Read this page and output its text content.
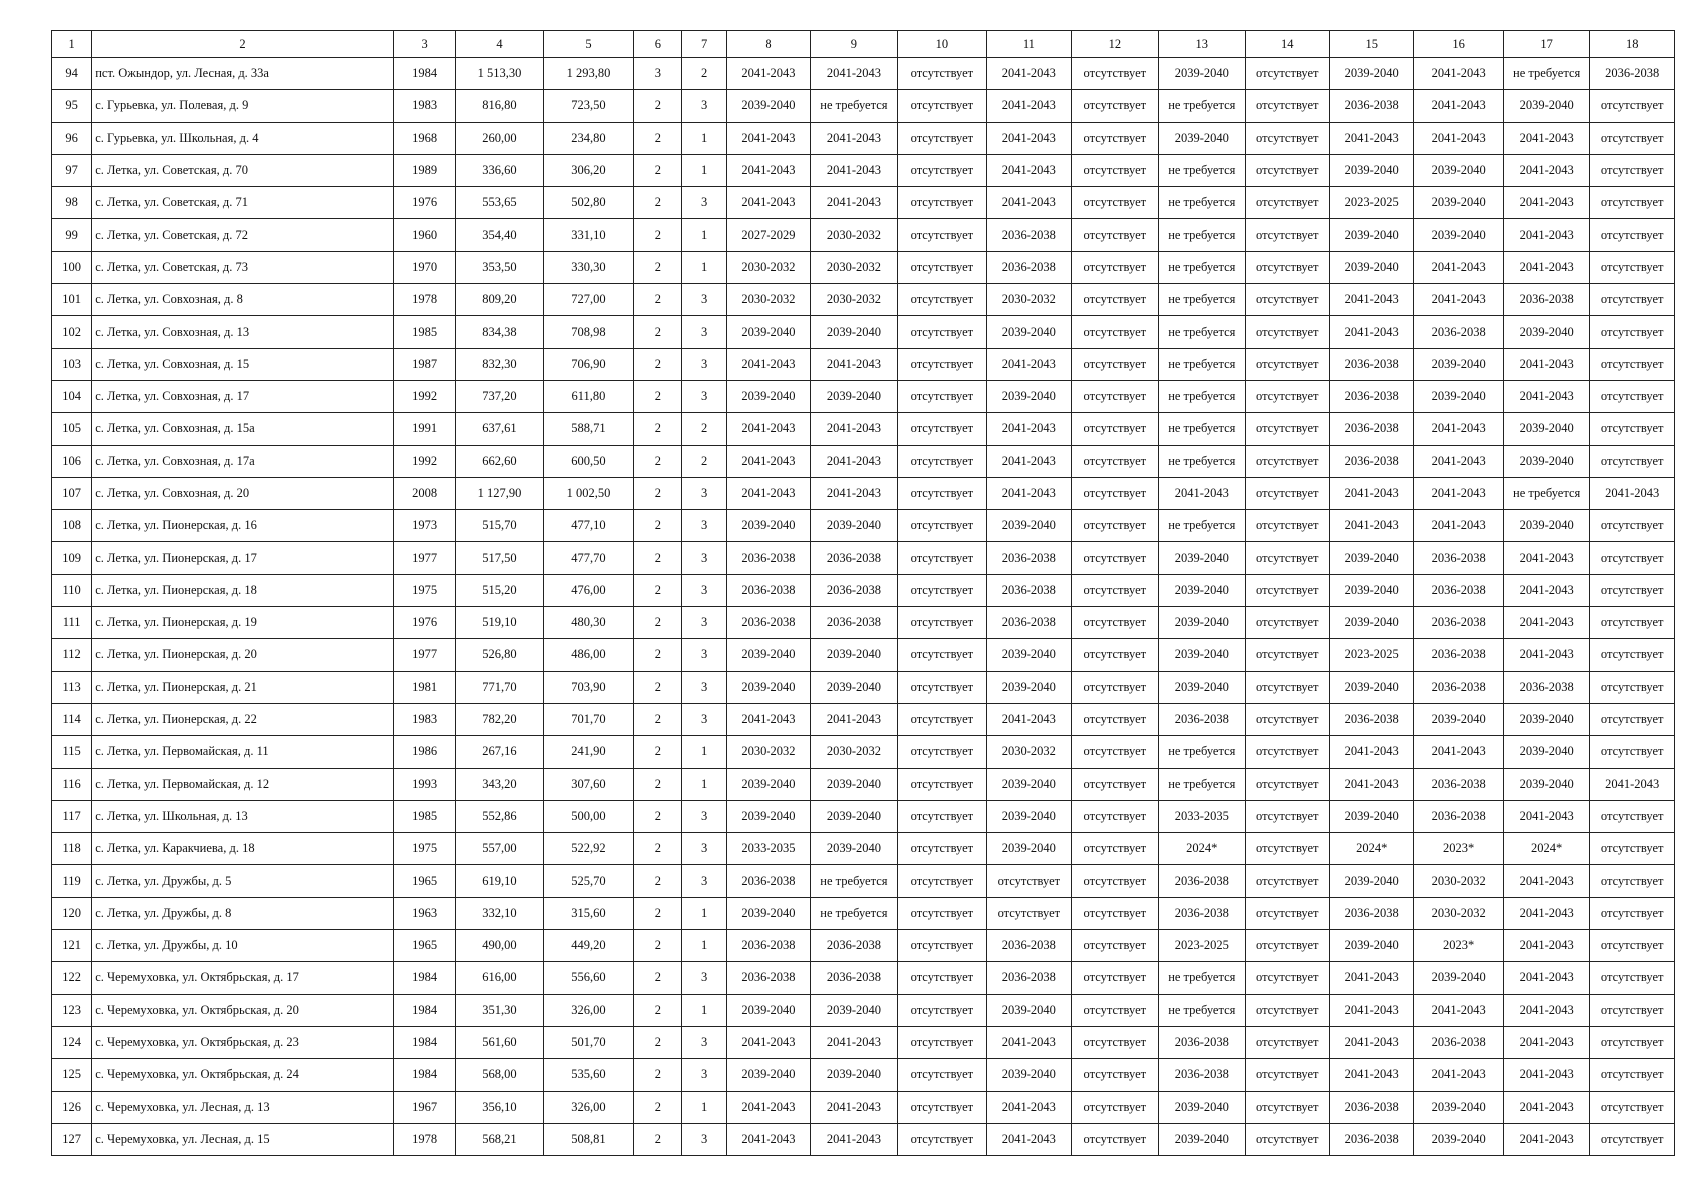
1	2	3	4	5	6	7	8	9	10	11	12	13	14	15	16	17	18
94	пст. Ожындор, ул. Лесная, д. 33а	1984	1 513,30	1 293,80	3	2	2041-2043	2041-2043	отсутствует	2041-2043	отсутствует	2039-2040	отсутствует	2039-2040	2041-2043	не требуется	2036-2038
95	с. Гурьевка, ул. Полевая, д. 9	1983	816,80	723,50	2	3	2039-2040	не требуется	отсутствует	2041-2043	отсутствует	не требуется	отсутствует	2036-2038	2041-2043	2039-2040	отсутствует
96	с. Гурьевка, ул. Школьная, д. 4	1968	260,00	234,80	2	1	2041-2043	2041-2043	отсутствует	2041-2043	отсутствует	2039-2040	отсутствует	2041-2043	2041-2043	2041-2043	отсутствует
97	с. Летка, ул. Советская, д. 70	1989	336,60	306,20	2	1	2041-2043	2041-2043	отсутствует	2041-2043	отсутствует	не требуется	отсутствует	2039-2040	2039-2040	2041-2043	отсутствует
98	с. Летка, ул. Советская, д. 71	1976	553,65	502,80	2	3	2041-2043	2041-2043	отсутствует	2041-2043	отсутствует	не требуется	отсутствует	2023-2025	2039-2040	2041-2043	отсутствует
99	с. Летка, ул. Советская, д. 72	1960	354,40	331,10	2	1	2027-2029	2030-2032	отсутствует	2036-2038	отсутствует	не требуется	отсутствует	2039-2040	2039-2040	2041-2043	отсутствует
100	с. Летка, ул. Советская, д. 73	1970	353,50	330,30	2	1	2030-2032	2030-2032	отсутствует	2036-2038	отсутствует	не требуется	отсутствует	2039-2040	2041-2043	2041-2043	отсутствует
101	с. Летка, ул. Совхозная, д. 8	1978	809,20	727,00	2	3	2030-2032	2030-2032	отсутствует	2030-2032	отсутствует	не требуется	отсутствует	2041-2043	2041-2043	2036-2038	отсутствует
102	с. Летка, ул. Совхозная, д. 13	1985	834,38	708,98	2	3	2039-2040	2039-2040	отсутствует	2039-2040	отсутствует	не требуется	отсутствует	2041-2043	2036-2038	2039-2040	отсутствует
103	с. Летка, ул. Совхозная, д. 15	1987	832,30	706,90	2	3	2041-2043	2041-2043	отсутствует	2041-2043	отсутствует	не требуется	отсутствует	2036-2038	2039-2040	2041-2043	отсутствует
104	с. Летка, ул. Совхозная, д. 17	1992	737,20	611,80	2	3	2039-2040	2039-2040	отсутствует	2039-2040	отсутствует	не требуется	отсутствует	2036-2038	2039-2040	2041-2043	отсутствует
105	с. Летка, ул. Совхозная, д. 15а	1991	637,61	588,71	2	2	2041-2043	2041-2043	отсутствует	2041-2043	отсутствует	не требуется	отсутствует	2036-2038	2041-2043	2039-2040	отсутствует
106	с. Летка, ул. Совхозная, д. 17а	1992	662,60	600,50	2	2	2041-2043	2041-2043	отсутствует	2041-2043	отсутствует	не требуется	отсутствует	2036-2038	2041-2043	2039-2040	отсутствует
107	с. Летка, ул. Совхозная, д. 20	2008	1 127,90	1 002,50	2	3	2041-2043	2041-2043	отсутствует	2041-2043	отсутствует	2041-2043	отсутствует	2041-2043	2041-2043	не требуется	2041-2043
108	с. Летка, ул. Пионерская, д. 16	1973	515,70	477,10	2	3	2039-2040	2039-2040	отсутствует	2039-2040	отсутствует	не требуется	отсутствует	2041-2043	2041-2043	2039-2040	отсутствует
109	с. Летка, ул. Пионерская, д. 17	1977	517,50	477,70	2	3	2036-2038	2036-2038	отсутствует	2036-2038	отсутствует	2039-2040	отсутствует	2039-2040	2036-2038	2041-2043	отсутствует
110	с. Летка, ул. Пионерская, д. 18	1975	515,20	476,00	2	3	2036-2038	2036-2038	отсутствует	2036-2038	отсутствует	2039-2040	отсутствует	2039-2040	2036-2038	2041-2043	отсутствует
111	с. Летка, ул. Пионерская, д. 19	1976	519,10	480,30	2	3	2036-2038	2036-2038	отсутствует	2036-2038	отсутствует	2039-2040	отсутствует	2039-2040	2036-2038	2041-2043	отсутствует
112	с. Летка, ул. Пионерская, д. 20	1977	526,80	486,00	2	3	2039-2040	2039-2040	отсутствует	2039-2040	отсутствует	2039-2040	отсутствует	2023-2025	2036-2038	2041-2043	отсутствует
113	с. Летка, ул. Пионерская, д. 21	1981	771,70	703,90	2	3	2039-2040	2039-2040	отсутствует	2039-2040	отсутствует	2039-2040	отсутствует	2039-2040	2036-2038	2036-2038	отсутствует
114	с. Летка, ул. Пионерская, д. 22	1983	782,20	701,70	2	3	2041-2043	2041-2043	отсутствует	2041-2043	отсутствует	2036-2038	отсутствует	2036-2038	2039-2040	2039-2040	отсутствует
115	с. Летка, ул. Первомайская, д. 11	1986	267,16	241,90	2	1	2030-2032	2030-2032	отсутствует	2030-2032	отсутствует	не требуется	отсутствует	2041-2043	2041-2043	2039-2040	отсутствует
116	с. Летка, ул. Первомайская, д. 12	1993	343,20	307,60	2	1	2039-2040	2039-2040	отсутствует	2039-2040	отсутствует	не требуется	отсутствует	2041-2043	2036-2038	2039-2040	2041-2043
117	с. Летка, ул. Школьная, д. 13	1985	552,86	500,00	2	3	2039-2040	2039-2040	отсутствует	2039-2040	отсутствует	2033-2035	отсутствует	2039-2040	2036-2038	2041-2043	отсутствует
118	с. Летка, ул. Каракчиева, д. 18	1975	557,00	522,92	2	3	2033-2035	2039-2040	отсутствует	2039-2040	отсутствует	2024*	отсутствует	2024*	2023*	2024*	отсутствует
119	с. Летка, ул. Дружбы, д. 5	1965	619,10	525,70	2	3	2036-2038	не требуется	отсутствует	отсутствует	отсутствует	2036-2038	отсутствует	2039-2040	2030-2032	2041-2043	отсутствует
120	с. Летка, ул. Дружбы, д. 8	1963	332,10	315,60	2	1	2039-2040	не требуется	отсутствует	отсутствует	отсутствует	2036-2038	отсутствует	2036-2038	2030-2032	2041-2043	отсутствует
121	с. Летка, ул. Дружбы, д. 10	1965	490,00	449,20	2	1	2036-2038	2036-2038	отсутствует	2036-2038	отсутствует	2023-2025	отсутствует	2039-2040	2023*	2041-2043	отсутствует
122	с. Черемуховка, ул. Октябрьская, д. 17	1984	616,00	556,60	2	3	2036-2038	2036-2038	отсутствует	2036-2038	отсутствует	не требуется	отсутствует	2041-2043	2039-2040	2041-2043	отсутствует
123	с. Черемуховка, ул. Октябрьская, д. 20	1984	351,30	326,00	2	1	2039-2040	2039-2040	отсутствует	2039-2040	отсутствует	не требуется	отсутствует	2041-2043	2041-2043	2041-2043	отсутствует
124	с. Черемуховка, ул. Октябрьская, д. 23	1984	561,60	501,70	2	3	2041-2043	2041-2043	отсутствует	2041-2043	отсутствует	2036-2038	отсутствует	2041-2043	2036-2038	2041-2043	отсутствует
125	с. Черемуховка, ул. Октябрьская, д. 24	1984	568,00	535,60	2	3	2039-2040	2039-2040	отсутствует	2039-2040	отсутствует	2036-2038	отсутствует	2041-2043	2041-2043	2041-2043	отсутствует
126	с. Черемуховка, ул. Лесная, д. 13	1967	356,10	326,00	2	1	2041-2043	2041-2043	отсутствует	2041-2043	отсутствует	2039-2040	отсутствует	2036-2038	2039-2040	2041-2043	отсутствует
127	с. Черемуховка, ул. Лесная, д. 15	1978	568,21	508,81	2	3	2041-2043	2041-2043	отсутствует	2041-2043	отсутствует	2039-2040	отсутствует	2036-2038	2039-2040	2041-2043	отсутствует
